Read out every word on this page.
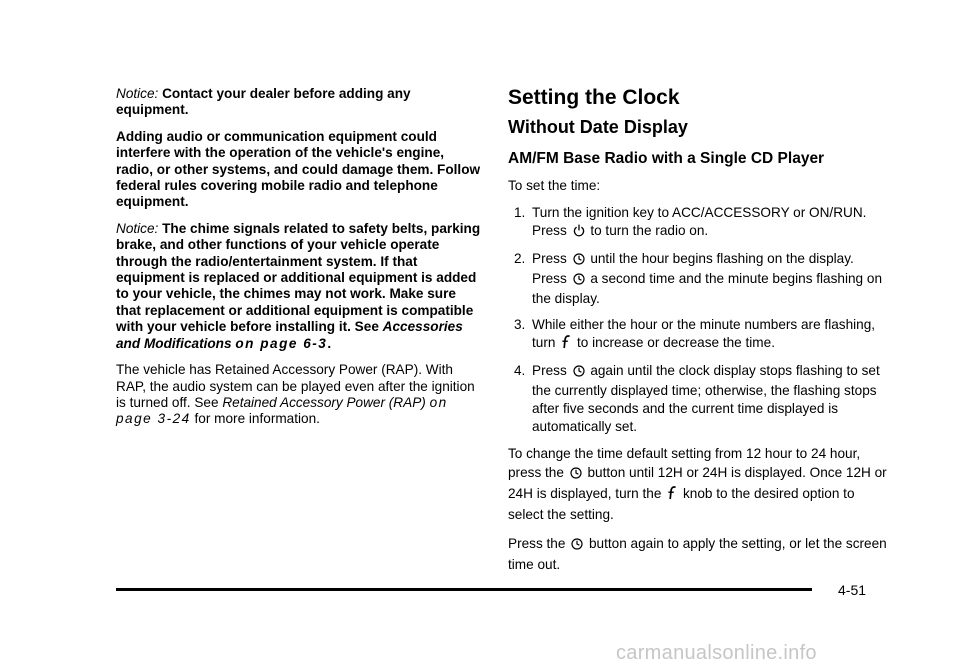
Notice: Contact your dealer before adding any equipment.

Adding audio or communication equipment could interfere with the operation of the vehicle's engine, radio, or other systems, and could damage them. Follow federal rules covering mobile radio and telephone equipment.

Notice: The chime signals related to safety belts, parking brake, and other functions of your vehicle operate through the radio/entertainment system. If that equipment is replaced or additional equipment is added to your vehicle, the chimes may not work. Make sure that replacement or additional equipment is compatible with your vehicle before installing it. See Accessories and Modifications on page 6-3.

The vehicle has Retained Accessory Power (RAP). With RAP, the audio system can be played even after the ignition is turned off. See Retained Accessory Power (RAP) on page 3-24 for more information.

Setting the Clock
Without Date Display
AM/FM Base Radio with a Single CD Player

To set the time:

1. Turn the ignition key to ACC/ACCESSORY or ON/RUN. Press to turn the radio on.
2. Press until the hour begins flashing on the display. Press a second time and the minute begins flashing on the display.
3. While either the hour or the minute numbers are flashing, turn to increase or decrease the time.
4. Press again until the clock display stops flashing to set the currently displayed time; otherwise, the flashing stops after five seconds and the current time displayed is automatically set.

To change the time default setting from 12 hour to 24 hour, press the button until 12H or 24H is displayed. Once 12H or 24H is displayed, turn the knob to the desired option to select the setting.

Press the button again to apply the setting, or let the screen time out.

4-51
carmanualsonline.info
